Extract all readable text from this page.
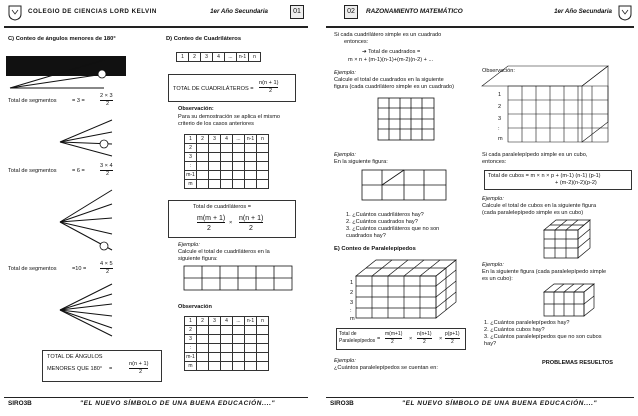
COLEGIO DE CIENCIAS LORD KELVIN	1er Año Secundaria	01
C) Conteo de ángulos menores de 180°
Total de segmentos	= 3 =
2 × 3
2
Total de segmentos	= 6 =
3 × 4
2
Total de segmentos	=10 =
4 × 5
2
TOTAL DE ÁNGULOS
MENORES QUE 180° =
n(n + 1)
2
D) Conteo de Cuadriláteros
1	2	3	4	...	n-1	n
TOTAL DE CUADRILÁTEROS =
n(n + 1)
2
Observación:
Para su demostración se aplica el mismo
criterio de los casos anteriores
1	2	3	4	...	n-1	n
2						
3						
:						
m-1						
m						
Total de cuadriláteros =
m(m + 1)
2
×
n(n + 1)
2
Ejemplo:
Calcule el total de cuadriláteros en la
siguiente figura:
Observación
1	2	3	4	...	n-1	n
2						
3						
:						
m-1						
m						
SIRO3B	"EL NUEVO SÍMBOLO DE UNA BUENA EDUCACIÓN...."
02	RAZONAMIENTO MATEMÁTICO	1er Año Secundaria
Si cada cuadrilátero simple es un cuadrado
entonces:
➔ Total de cuadrados =
m × n + (m-1)(n-1)+(m-2)(n-2) + ...
Ejemplo:
Calcule el total de cuadrados en la siguiente
figura (cada cuadrilátero simple es un cuadrado)
Ejemplo:
En la siguiente figura:
1. ¿Cuántos cuadriláteros hay?
2. ¿Cuántos cuadrados hay?
3. ¿Cuántos cuadriláteros que no son
cuadrados hay?
E) Conteo de Paralelepípedos
1
2
3
:
m
Total de
Paralelepípedos =
m(m+1)
2	×
n(n+1)
2 ×
p(p+1)
2
Ejemplo:
¿Cuántos paralelepípedos se cuentan en:
Observación:
1
2
3
:
m
Si cada paralelepípedo simple es un cubo,
entonces:
Total de cubos = m × n × p + (m-1) (n-1) (p-1)
+ (m-2)(n-2)(p-2)
Ejemplo:
Calcule el total de cubos en la siguiente figura
(cada paralelepípedo simple es un cubo)
Ejemplo:
En la siguiente figura (cada paralelepípedo simple
es un cubo):
1. ¿Cuántos paralelepípedos hay?
2. ¿Cuántos cubos hay?
3. ¿Cuántos paralelepípedos que no son cubos
hay?
PROBLEMAS RESUELTOS
SIRO3B	"EL NUEVO SÍMBOLO DE UNA BUENA EDUCACIÓN...."
